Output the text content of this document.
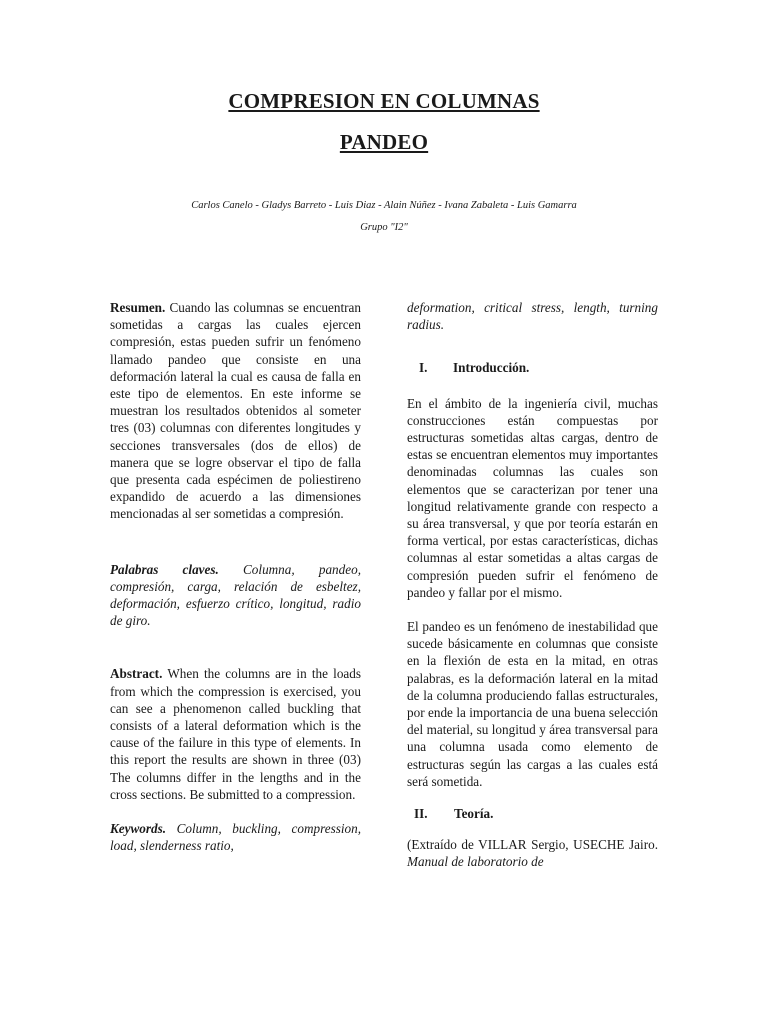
COMPRESION EN COLUMNAS
PANDEO
Carlos Canelo - Gladys Barreto - Luis Diaz - Alain Núñez - Ivana Zabaleta - Luis Gamarra
Grupo "I2"

Resumen. Cuando las columnas se encuentran sometidas a cargas las cuales ejercen compresión, estas pueden sufrir un fenómeno llamado pandeo que consiste en una deformación lateral la cual es causa de falla en este tipo de elementos. En este informe se muestran los resultados obtenidos al someter tres (03) columnas con diferentes longitudes y secciones transversales (dos de ellos) de manera que se logre observar el tipo de falla que presenta cada espécimen de poliestireno expandido de acuerdo a las dimensiones mencionadas al ser sometidas a compresión.

Palabras claves. Columna, pandeo, compresión, carga, relación de esbeltez, deformación, esfuerzo crítico, longitud, radio de giro.

Abstract. When the columns are in the loads from which the compression is exercised, you can see a phenomenon called buckling that consists of a lateral deformation which is the cause of the failure in this type of elements. In this report the results are shown in three (03) The columns differ in the lengths and in the cross sections. Be submitted to a compression.

Keywords. Column, buckling, compression, load, slenderness ratio,

deformation, critical stress, length, turning radius.

I.	Introducción.

En el ámbito de la ingeniería civil, muchas construcciones están compuestas por estructuras sometidas altas cargas, dentro de estas se encuentran elementos muy importantes denominadas columnas las cuales son elementos que se caracterizan por tener una longitud relativamente grande con respecto a su área transversal, y que por teoría estarán en forma vertical, por estas características, dichas columnas al estar sometidas a altas cargas de compresión pueden sufrir el fenómeno de pandeo y fallar por el mismo.

El pandeo es un fenómeno de inestabilidad que sucede básicamente en columnas que consiste en la flexión de esta en la mitad, en otras palabras, es la deformación lateral en la mitad de la columna produciendo fallas estructurales, por ende la importancia de una buena selección del material, su longitud y área transversal para una columna usada como elemento de estructuras según las cargas a las cuales está será sometida.

II.	Teoría.

(Extraído de VILLAR Sergio, USECHE Jairo. Manual de laboratorio de
